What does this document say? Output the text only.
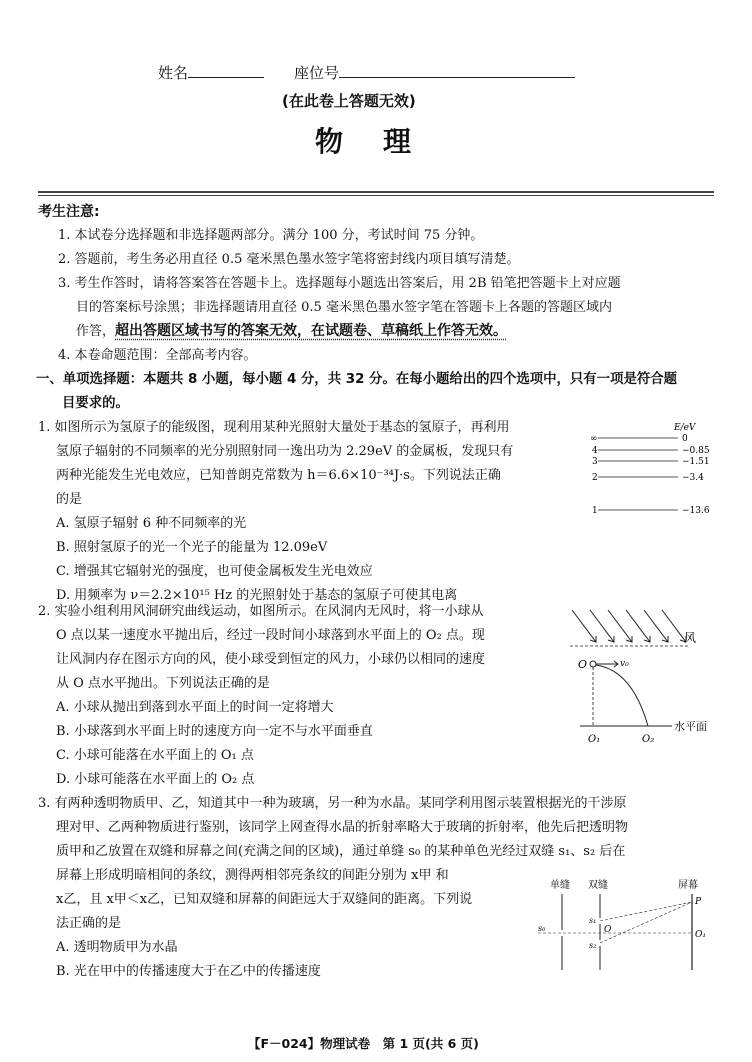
姓名	座位号
(在此卷上答题无效)
物　理
考生注意:
1. 本试卷分选择题和非选择题两部分。满分 100 分，考试时间 75 分钟。
2. 答题前，考生务必用直径 0.5 毫米黑色墨水签字笔将密封线内项目填写清楚。
3. 考生作答时，请将答案答在答题卡上。选择题每小题选出答案后，用 2B 铅笔把答题卡上对应题
目的答案标号涂黑；非选择题请用直径 0.5 毫米黑色墨水签字笔在答题卡上各题的答题区域内
作答，超出答题区域书写的答案无效，在试题卷、草稿纸上作答无效。
4. 本卷命题范围：全部高考内容。
一、单项选择题：本题共 8 小题，每小题 4 分，共 32 分。在每小题给出的四个选项中，只有一项是符合题
目要求的。
1. 如图所示为氢原子的能级图，现利用某种光照射大量处于基态的氢原子，再利用
氢原子辐射的不同频率的光分别照射同一逸出功为 2.29eV 的金属板，发现只有
两种光能发生光电效应，已知普朗克常数为 h＝6.6×10⁻³⁴J·s。下列说法正确
的是
A. 氢原子辐射 6 种不同频率的光
B. 照射氢原子的光一个光子的能量为 12.09eV
C. 增强其它辐射光的强度，也可使金属板发生光电效应
D. 用频率为 ν＝2.2×10¹⁵ Hz 的光照射处于基态的氢原子可使其电离
E/eV
∞	0
4	−0.85
3	−1.51
2	−3.4
1	−13.6
2. 实验小组利用风洞研究曲线运动，如图所示。在风洞内无风时，将一小球从
O 点以某一速度水平抛出后，经过一段时间小球落到水平面上的 O₂ 点。现
让风洞内存在图示方向的风，使小球受到恒定的风力，小球仍以相同的速度
从 O 点水平抛出。下列说法正确的是
A. 小球从抛出到落到水平面上的时间一定将增大
B. 小球落到水平面上时的速度方向一定不与水平面垂直
C. 小球可能落在水平面上的 O₁ 点
D. 小球可能落在水平面上的 O₂ 点
风
O	v₀
O₁	O₂
水平面
3. 有两种透明物质甲、乙，知道其中一种为玻璃，另一种为水晶。某同学利用图示装置根据光的干涉原
理对甲、乙两种物质进行鉴别，该同学上网查得水晶的折射率略大于玻璃的折射率，他先后把透明物
质甲和乙放置在双缝和屏幕之间(充满之间的区域)，通过单缝 s₀ 的某种单色光经过双缝 s₁、s₂ 后在
屏幕上形成明暗相间的条纹，测得两相邻亮条纹的间距分别为 x甲 和
x乙，且 x甲＜x乙，已知双缝和屏幕的间距远大于双缝间的距离。下列说
法正确的是
A. 透明物质甲为水晶
B. 光在甲中的传播速度大于在乙中的传播速度
单缝 双缝	屏幕
s₀
s₁
s₂
O
P
O₁
【F－024】物理试卷　第 1 页(共 6 页)
